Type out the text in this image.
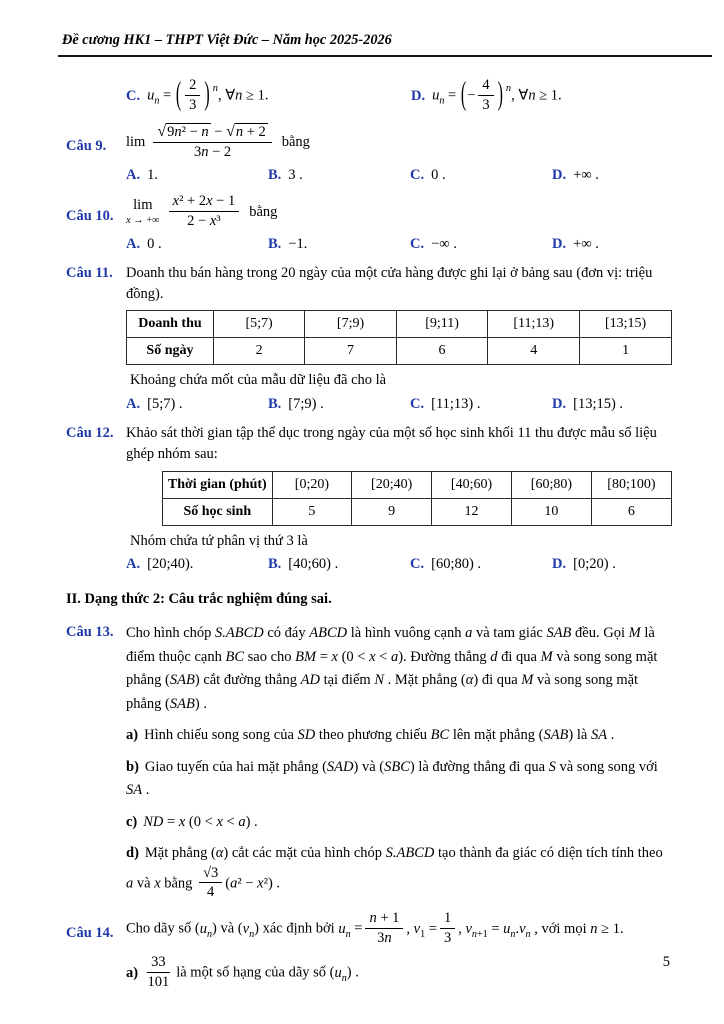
Đề cương HK1 – THPT Việt Đức – Năm học 2025-2026
C. $u_n$ = ( $\frac{2}{3}$ ) $^n$, ∀n ≥ 1.	D. $u_n$ = (− $\frac{4}{3}$ ) $^n$, ∀n ≥ 1.
Câu 9.	$\lim \frac{\text{√9n² − n − √n + 2}}{3n - 2}$ bằng
A. 1.	B. 3 .	C. 0 .	D. +∞ .
Câu 10.
lim
x → +∞ $\frac{\text{x² + 2x − 1}}{\text{2 − x³}}$ bằng
A. 0 .	B. −1.	C. −∞ .	D. +∞ .
Câu 11. Doanh thu bán hàng trong 20 ngày của một cửa hàng được ghi lại ở bảng sau (đơn vị: triệu đồng).
Doanh thu	[5;7)	[7;9)	[9;11)	[11;13)	[13;15)
Số ngày	2	7	6	4	1
Khoảng chứa mốt của mẫu dữ liệu đã cho là
A. [5;7) .	B. [7;9) .	C. [11;13) .	D. [13;15) .
Câu 12. Khảo sát thời gian tập thể dục trong ngày của một số học sinh khối 11 thu được mẫu số liệu ghép nhóm sau:
Thời gian (phút)	[0;20)	[20;40)	[40;60)	[60;80)	[80;100)
Số học sinh	5	9	12	10	6
Nhóm chứa tứ phân vị thứ 3 là
A. [20;40).	B. [40;60) .	C. [60;80) .	D. [0;20) .
II. Dạng thức 2: Câu trắc nghiệm đúng sai.
Câu 13. Cho hình chóp S.ABCD có đáy ABCD là hình vuông cạnh a và tam giác SAB đều. Gọi M là điểm thuộc cạnh BC sao cho BM = x (0 < x < a). Đường thẳng d đi qua M và song song mặt phẳng (SAB) cắt đường thẳng AD tại điểm N . Mặt phẳng (α) đi qua M và song song mặt phẳng (SAB) .
a) Hình chiếu song song của SD theo phương chiếu BC lên mặt phẳng (SAB) là SA .
b) Giao tuyến của hai mặt phẳng (SAD) và (SBC) là đường thẳng đi qua S và song song với SA .
c) ND = x (0 < x < a) .
d) Mặt phẳng (α) cắt các mặt của hình chóp S.ABCD tạo thành đa giác có diện tích tính theo a và x bằng $\frac{√3}{4} (a^2 - x^2)$ .
Câu 14. Cho dãy số $(u_n)$ và $(v_n)$ xác định bởi $u_n = \frac{n + 1}{3n}$ , $v_1 = \frac{1}{3}$ , $v_{n+1} = u_n.v_n$ , với mọi n ≥ 1.
$a) \frac{33}{101}$ là một số hạng của dãy số $(u_n)$ .
5
